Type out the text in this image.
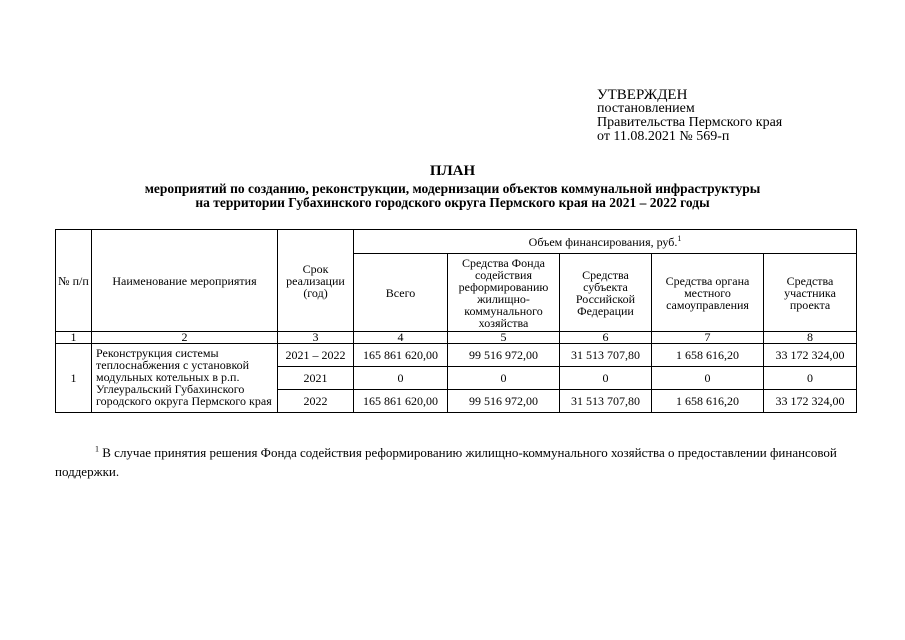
УТВЕРЖДЕН
постановлением
Правительства Пермского края
от 11.08.2021 № 569-п
ПЛАН
мероприятий по созданию, реконструкции, модернизации объектов коммунальной инфраструктуры
на территории Губахинского городского округа Пермского края на 2021 – 2022 годы
№ п/п	Наименование мероприятия	Срок реализации (год)	Объем финансирования, руб.$^1$
			Всего	Средства Фонда содействия реформированию жилищно-коммунального хозяйства	Средства субъекта Российской Федерации	Средства органа местного самоуправления	Средства участника проекта
1	2	3	4	5	6	7	8
1	Реконструкция системы теплоснабжения с установкой модульных котельных в р.п. Углеуральский Губахинского городского округа Пермского края	2021 – 2022	165 861 620,00	99 516 972,00	31 513 707,80	1 658 616,20	33 172 324,00
		2021	0	0	0	0	0
		2022	165 861 620,00	99 516 972,00	31 513 707,80	1 658 616,20	33 172 324,00
$^1$ В случае принятия решения Фонда содействия реформированию жилищно-коммунального хозяйства о предоставлении финансовой поддержки.
